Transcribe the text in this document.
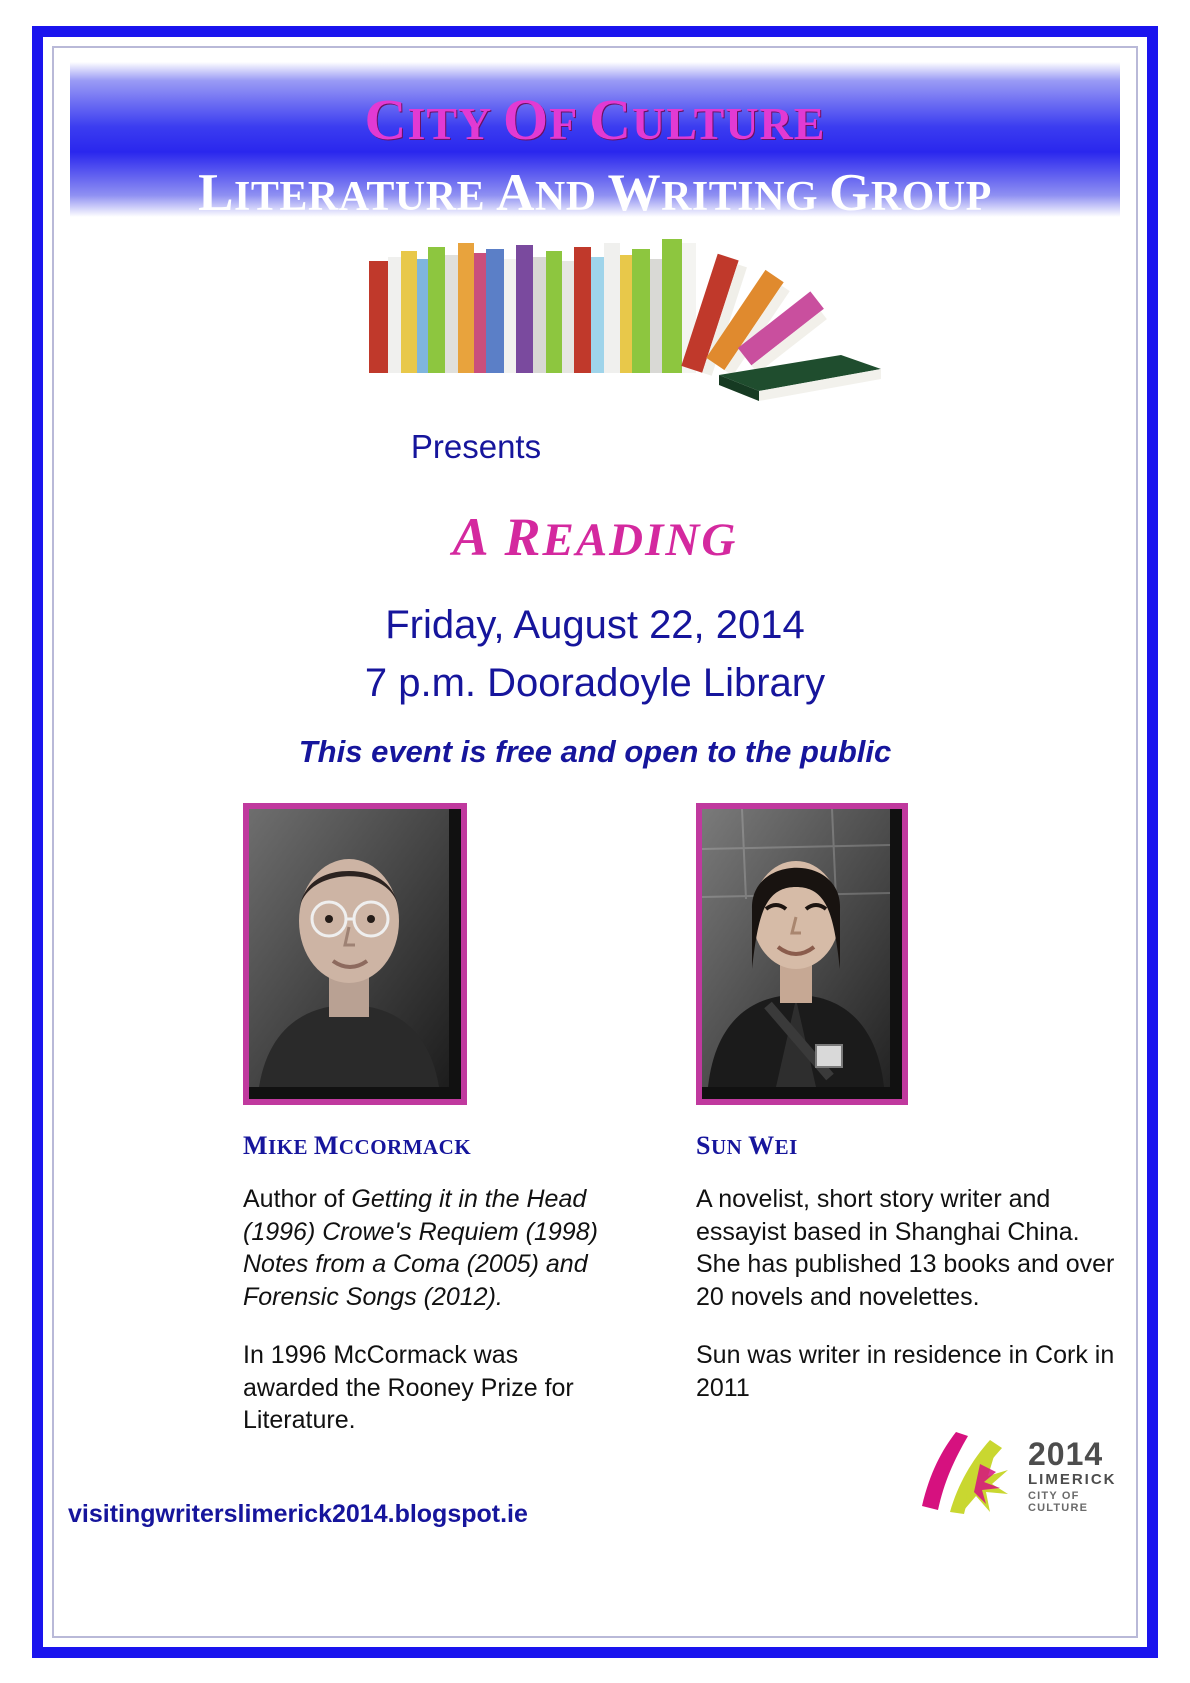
CITY OF CULTURE
LITERATURE AND WRITING GROUP
Presents
A READING
Friday, August 22, 2014
7 p.m. Dooradoyle Library
This event is free and open to the public
MIKE MCCORMACK

Author of Getting it in the Head (1996) Crowe's Requiem (1998) Notes from a Coma (2005) and Forensic Songs (2012).

In 1996 McCormack was awarded the Rooney Prize for Literature.

SUN WEI

A novelist, short story writer and essayist based in Shanghai China. She has published 13 books and over 20 novels and novelettes.

Sun was writer in residence in Cork in 2011

visitingwriterslimerick2014.blogspot.ie
2014
LIMERICK
CITY OF CULTURE
